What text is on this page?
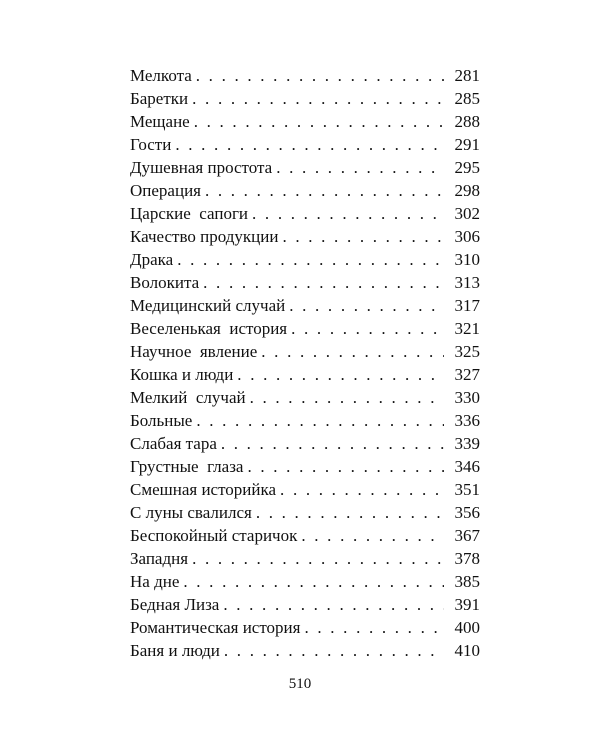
Мелкота . . .	281
Баретки . . .	285
Мещане . . .	288
Гости . . .	291
Душевная простота . . .	295
Операция . . .	298
Царские  сапоги . . .	302
Качество продукции . . .	306
Драка . . .	310
Волокита . . .	313
Медицинский случай . . .	317
Веселенькая  история . . .	321
Научное  явление . . .	325
Кошка и люди . . .	327
Мелкий  случай . . .	330
Больные . . .	336
Слабая тара . . .	339
Грустные  глаза . . .	346
Смешная историйка . . .	351
С луны свалился . . .	356
Беспокойный старичок . . .	367
Западня . . .	378
На дне . . .	385
Бедная Лиза . . .	391
Романтическая история . . .	400
Баня и люди . . .	410
510
